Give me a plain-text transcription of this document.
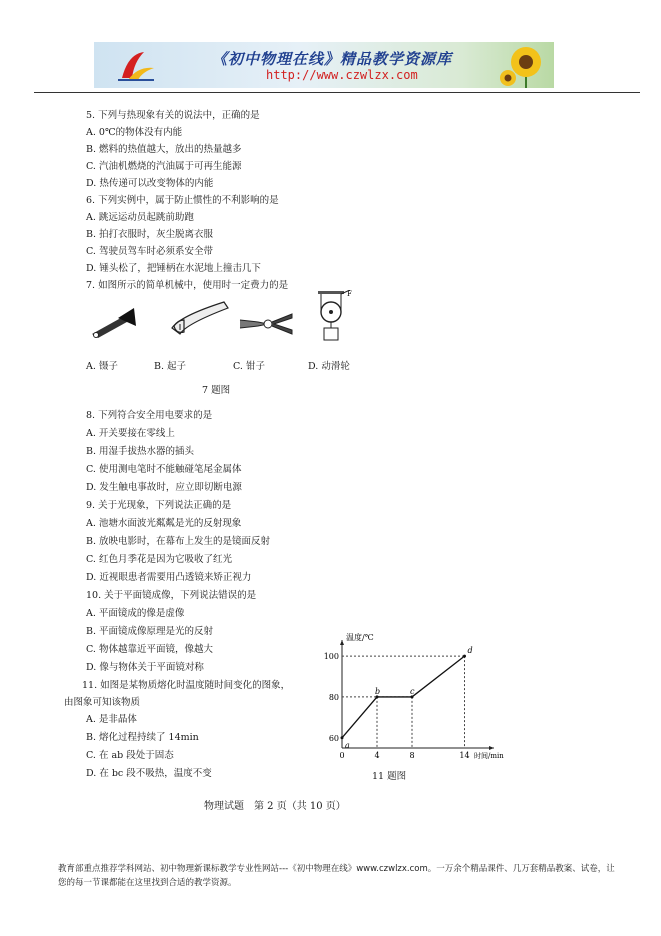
《初中物理在线》精品教学资源库
http://www.czwlzx.com
5. 下列与热现象有关的说法中，正确的是
A. 0℃的物体没有内能
B. 燃料的热值越大，放出的热量越多
C. 汽油机燃烧的汽油属于可再生能源
D. 热传递可以改变物体的内能
6. 下列实例中，属于防止惯性的不利影响的是
A. 跳远运动员起跳前助跑
B. 拍打衣服时，灰尘脱离衣服
C. 驾驶员驾车时必须系安全带
D. 锤头松了，把锤柄在水泥地上撞击几下
7. 如图所示的简单机械中，使用时一定费力的是
F
A. 镊子	B. 起子	C. 钳子	D. 动滑轮
7 题图
8. 下列符合安全用电要求的是
A. 开关要接在零线上
B. 用湿手拔热水器的插头
C. 使用测电笔时不能触碰笔尾金属体
D. 发生触电事故时，应立即切断电源
9. 关于光现象，下列说法正确的是
A. 池塘水面波光粼粼是光的反射现象
B. 放映电影时，在幕布上发生的是镜面反射
C. 红色月季花是因为它吸收了红光
D. 近视眼患者需要用凸透镜来矫正视力
10. 关于平面镜成像，下列说法错误的是
A. 平面镜成的像是虚像
B. 平面镜成像原理是光的反射
C. 物体越靠近平面镜，像越大
D. 像与物体关于平面镜对称
11. 如图是某物质熔化时温度随时间变化的图象，
由图象可知该物质
A. 是非晶体
B. 熔化过程持续了 14min
C. 在 ab 段处于固态
D. 在 bc 段不吸热，温度不变
温度/℃
时间/min
60
80
100
0	4	8	14
a
b	c
d
11 题图
物理试题　第 2 页（共 10 页）
教育部重点推荐学科网站、初中物理新课标教学专业性网站---《初中物理在线》www.czwlzx.com。一万余个精品课件、几万套精品教案、试卷，让您的每一节课都能在这里找到合适的教学资源。
